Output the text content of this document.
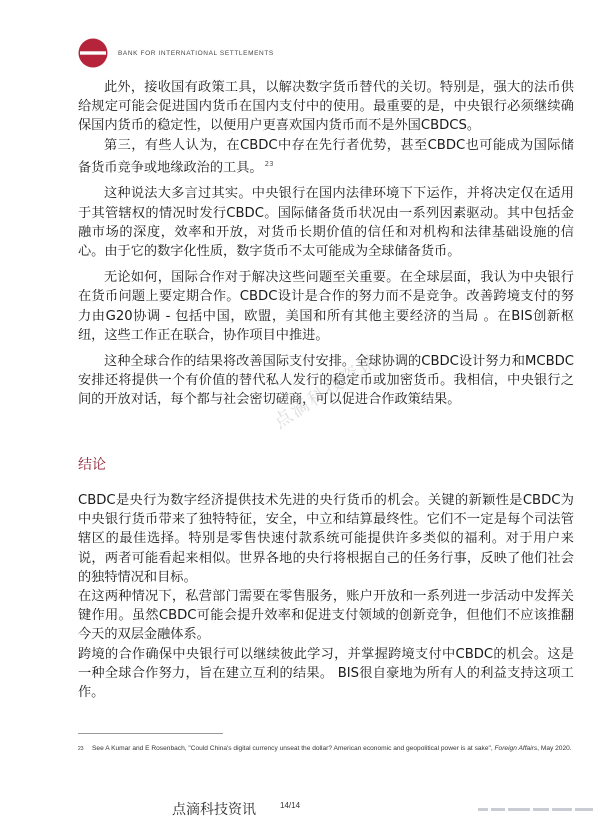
BANK FOR INTERNATIONAL SETTLEMENTS

此外，接收国有政策工具，以解决数字货币替代的关切。特别是，强大的法币供给规定可能会促进国内货币在国内支付中的使用。最重要的是，中央银行必须继续确保国内货币的稳定性，以便用户更喜欢国内货币而不是外国CBDCS。

第三，有些人认为，在CBDC中存在先行者优势，甚至CBDC也可能成为国际储备货币竞争或地缘政治的工具。 $^{23}$

这种说法大多言过其实。中央银行在国内法律环境下下运作，并将决定仅在适用于其管辖权的情况时发行CBDC。国际储备货币状况由一系列因素驱动。其中包括金融市场的深度，效率和开放，对货币长期价值的信任和对机构和法律基础设施的信心。由于它的数字化性质，数字货币不太可能成为全球储备货币。

无论如何，国际合作对于解决这些问题至关重要。在全球层面，我认为中央银行在货币问题上要定期合作。CBDC设计是合作的努力而不是竞争。改善跨境支付的努力由G20协调 - 包括中国，欧盟，美国和所有其他主要经济的当局 。在BIS创新枢纽，这些工作正在联合，协作项目中推进。

这种全球合作的结果将改善国际支付安排。全球协调的CBDC设计努力和MCBDC安排还将提供一个有价值的替代私人发行的稳定币或加密货币。我相信，中央银行之间的开放对话，每个都与社会密切磋商，可以促进合作政策结果。

结论

CBDC是央行为数字经济提供技术先进的央行货币的机会。关键的新颖性是CBDC为中央银行货币带来了独特特征，安全，中立和结算最终性。它们不一定是每个司法管辖区的最佳选择。特别是零售快速付款系统可能提供许多类似的福利。对于用户来说，两者可能看起来相似。世界各地的央行将根据自己的任务行事，反映了他们社会的独特情况和目标。

在这两种情况下，私营部门需要在零售服务，账户开放和一系列进一步活动中发挥关键作用。虽然CBDC可能会提升效率和促进支付领域的创新竞争，但他们不应该推翻今天的双层金融体系。

跨境的合作确保中央银行可以继续彼此学习，并掌握跨境支付中CBDC的机会。这是一种全球合作努力，旨在建立互利的结果。 BIS很自豪地为所有人的利益支持这项工作。

点滴科技资讯
23	See A Kumar and E Rosenbach, "Could China's digital currency unseat the dollar? American economic and geopolitical power is at sake", Foreign Affairs, May 2020.
点滴科技资讯	14/14
